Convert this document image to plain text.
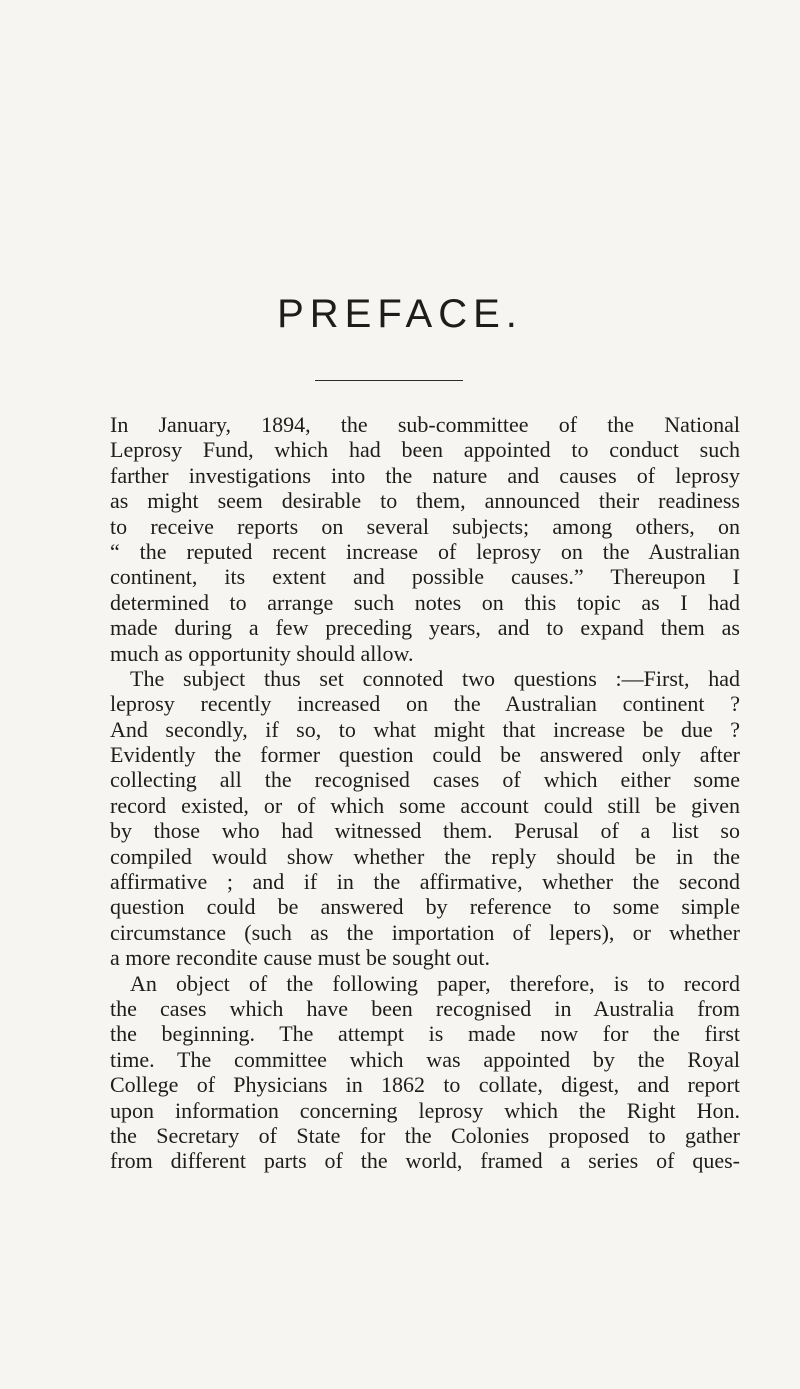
PREFACE.
In January, 1894, the sub-committee of the National
Leprosy Fund, which had been appointed to conduct such
farther investigations into the nature and causes of leprosy
as might seem desirable to them, announced their readiness
to receive reports on several subjects; among others, on
“ the reputed recent increase of leprosy on the Australian
continent, its extent and possible causes.” Thereupon I
determined to arrange such notes on this topic as I had
made during a few preceding years, and to expand them as
much as opportunity should allow.
The subject thus set connoted two questions :—First, had
leprosy recently increased on the Australian continent ?
And secondly, if so, to what might that increase be due ?
Evidently the former question could be answered only after
collecting all the recognised cases of which either some
record existed, or of which some account could still be given
by those who had witnessed them. Perusal of a list so
compiled would show whether the reply should be in the
affirmative ; and if in the affirmative, whether the second
question could be answered by reference to some simple
circumstance (such as the importation of lepers), or whether
a more recondite cause must be sought out.
An object of the following paper, therefore, is to record
the cases which have been recognised in Australia from
the beginning. The attempt is made now for the first
time. The committee which was appointed by the Royal
College of Physicians in 1862 to collate, digest, and report
upon information concerning leprosy which the Right Hon.
the Secretary of State for the Colonies proposed to gather
from different parts of the world, framed a series of ques-
